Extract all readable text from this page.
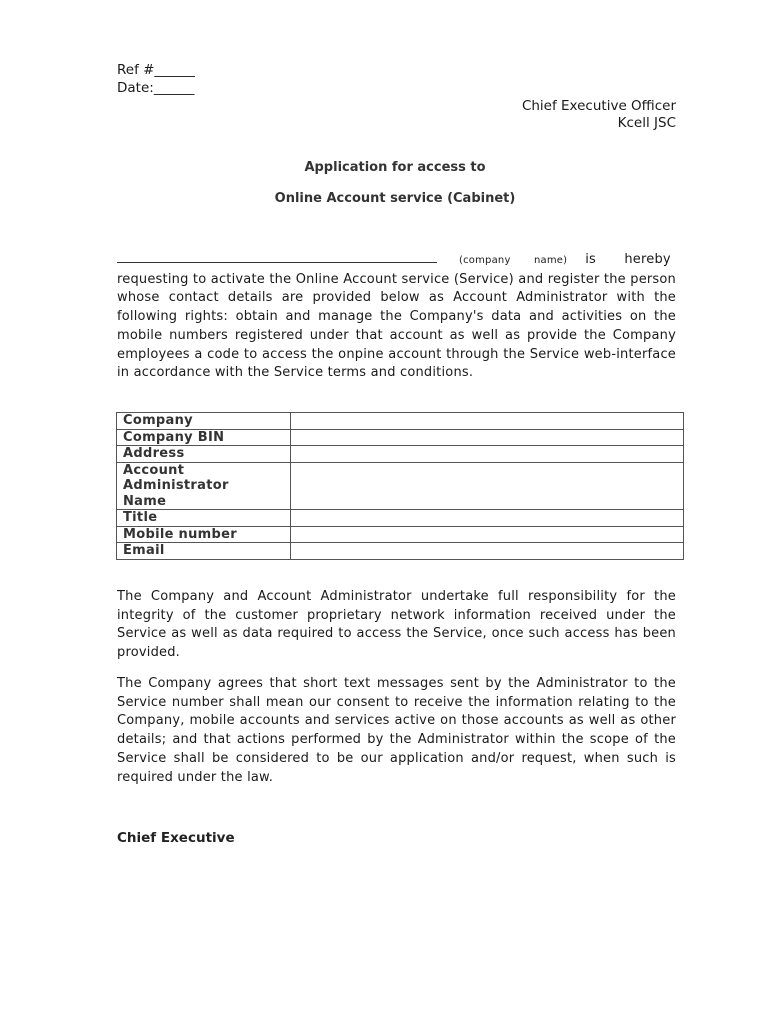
Ref #______
Date:______
Chief Executive Officer
Kcell JSC
Application for access to
Online Account service (Cabinet)
(company name) is hereby
requesting to activate the Online Account service (Service) and register the person whose contact details are provided below as Account Administrator with the following rights: obtain and manage the Company's data and activities on the mobile numbers registered under that account as well as provide the Company employees a code to access the onpine account through the Service web-interface in accordance with the Service terms and conditions.
Company	
Company BIN	
Address	
Account Administrator Name	
Title	
Mobile number	
Email	
The Company and Account Administrator undertake full responsibility for the integrity of the customer proprietary network information received under the Service as well as data required to access the Service, once such access has been provided.
The Company agrees that short text messages sent by the Administrator to the Service number shall mean our consent to receive the information relating to the Company, mobile accounts and services active on those accounts as well as other details; and that actions performed by the Administrator within the scope of the Service shall be considered to be our application and/or request, when such is required under the law.
Chief Executive
